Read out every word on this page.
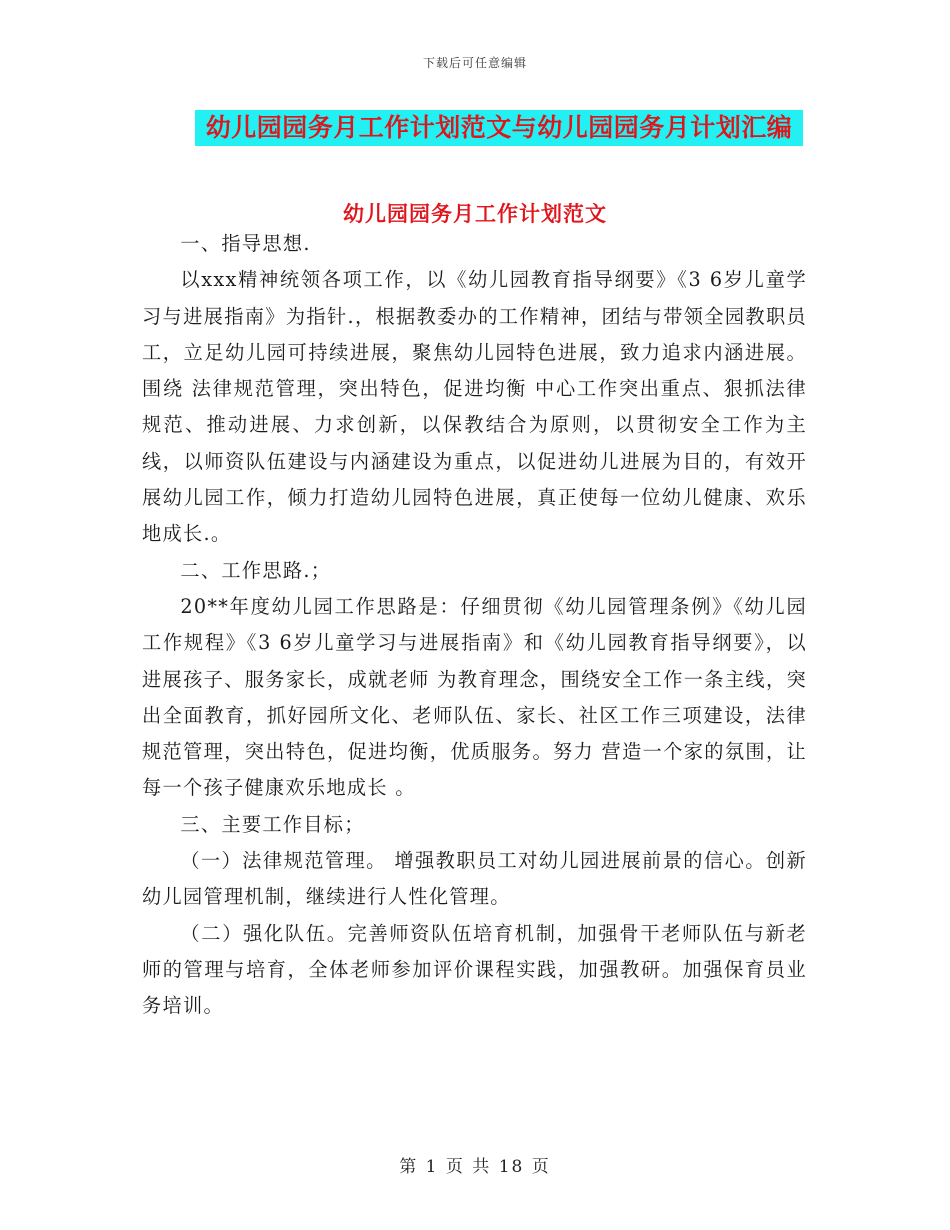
下载后可任意编辑
幼儿园园务月工作计划范文与幼儿园园务月计划汇编
幼儿园园务月工作计划范文

一、指导思想.

以xxx精神统领各项工作，以《幼儿园教育指导纲要》《3 6岁儿童学习与进展指南》为指针.，根据教委办的工作精神，团结与带领全园教职员工，立足幼儿园可持续进展，聚焦幼儿园特色进展，致力追求内涵进展。围绕 法律规范管理，突出特色，促进均衡 中心工作突出重点、狠抓法律规范、推动进展、力求创新，以保教结合为原则，以贯彻安全工作为主线，以师资队伍建设与内涵建设为重点，以促进幼儿进展为目的，有效开展幼儿园工作，倾力打造幼儿园特色进展，真正使每一位幼儿健康、欢乐地成长.。

二、工作思路.；

20**年度幼儿园工作思路是：仔细贯彻《幼儿园管理条例》《幼儿园工作规程》《3 6岁儿童学习与进展指南》和《幼儿园教育指导纲要》，以 进展孩子、服务家长，成就老师 为教育理念，围绕安全工作一条主线，突出全面教育，抓好园所文化、老师队伍、家长、社区工作三项建设，法律规范管理，突出特色，促进均衡，优质服务。努力 营造一个家的氛围，让每一个孩子健康欢乐地成长 。

三、主要工作目标；

（一）法律规范管理。 增强教职员工对幼儿园进展前景的信心。创新幼儿园管理机制，继续进行人性化管理。

（二）强化队伍。完善师资队伍培育机制，加强骨干老师队伍与新老师的管理与培育，全体老师参加评价课程实践，加强教研。加强保育员业务培训。

第 1 页 共 18 页
